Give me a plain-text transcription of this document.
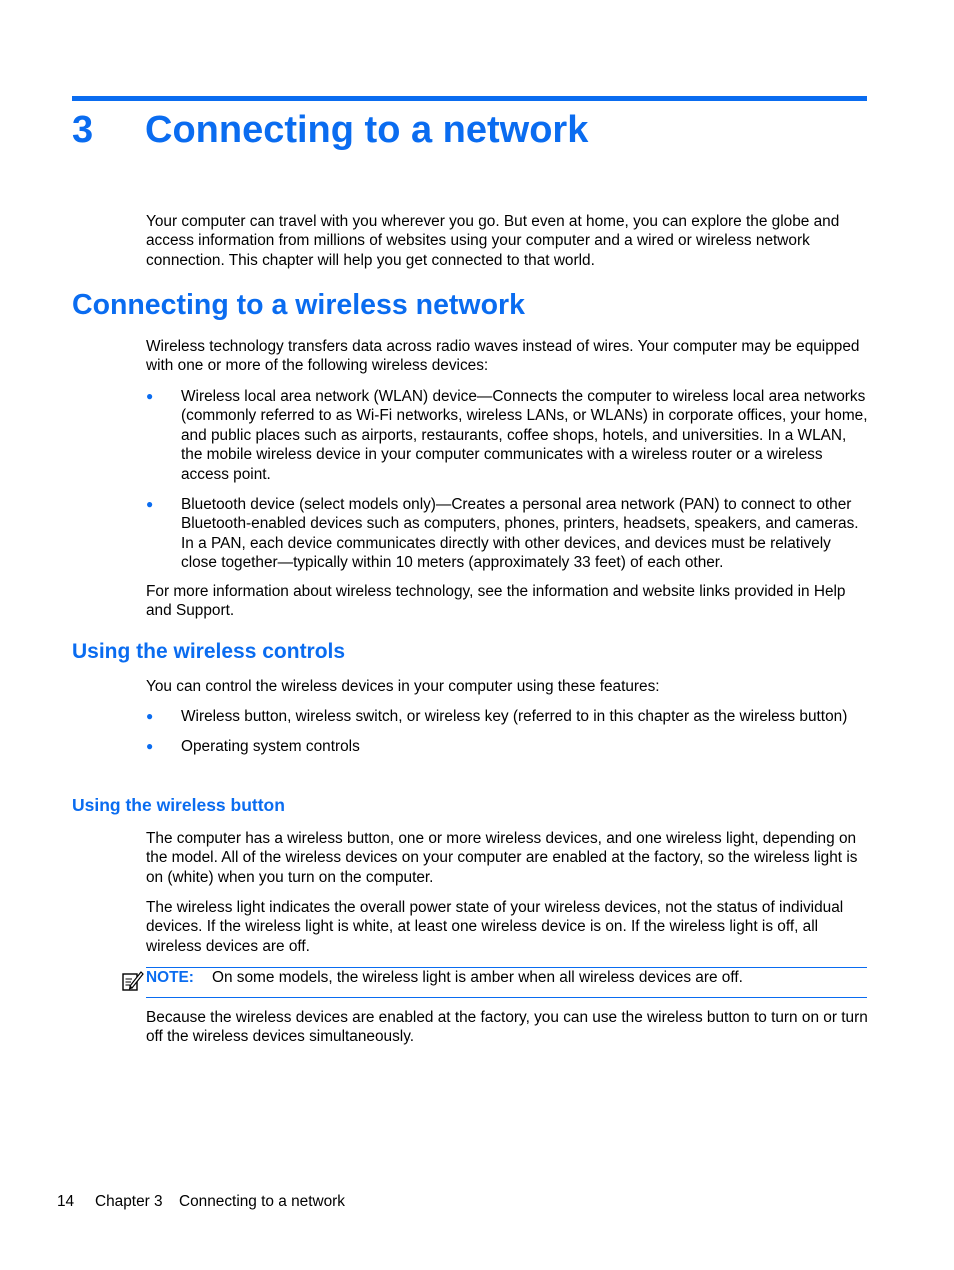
3 Connecting to a network

Your computer can travel with you wherever you go. But even at home, you can explore the globe and access information from millions of websites using your computer and a wired or wireless network connection. This chapter will help you get connected to that world.

Connecting to a wireless network

Wireless technology transfers data across radio waves instead of wires. Your computer may be equipped with one or more of the following wireless devices:

● Wireless local area network (WLAN) device—Connects the computer to wireless local area networks (commonly referred to as Wi-Fi networks, wireless LANs, or WLANs) in corporate offices, your home, and public places such as airports, restaurants, coffee shops, hotels, and universities. In a WLAN, the mobile wireless device in your computer communicates with a wireless router or a wireless access point.
● Bluetooth device (select models only)—Creates a personal area network (PAN) to connect to other Bluetooth-enabled devices such as computers, phones, printers, headsets, speakers, and cameras. In a PAN, each device communicates directly with other devices, and devices must be relatively close together—typically within 10 meters (approximately 33 feet) of each other.

For more information about wireless technology, see the information and website links provided in Help and Support.

Using the wireless controls

You can control the wireless devices in your computer using these features:

● Wireless button, wireless switch, or wireless key (referred to in this chapter as the wireless button)
● Operating system controls
Using the wireless button

The computer has a wireless button, one or more wireless devices, and one wireless light, depending on the model. All of the wireless devices on your computer are enabled at the factory, so the wireless light is on (white) when you turn on the computer.

The wireless light indicates the overall power state of your wireless devices, not the status of individual devices. If the wireless light is white, at least one wireless device is on. If the wireless light is off, all wireless devices are off.

NOTE: On some models, the wireless light is amber when all wireless devices are off.

Because the wireless devices are enabled at the factory, you can use the wireless button to turn on or turn off the wireless devices simultaneously.

14 Chapter 3 Connecting to a network
